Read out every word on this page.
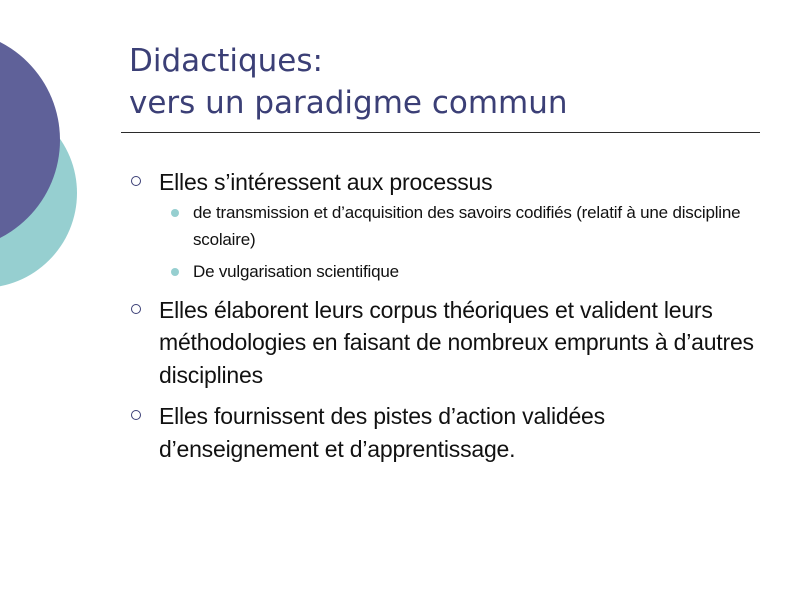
Didactiques:
vers un paradigme commun
Elles s’intéressent aux processus
de transmission et d’acquisition des savoirs codifiés (relatif à une discipline scolaire)
De vulgarisation scientifique
Elles élaborent leurs corpus théoriques et valident leurs méthodologies en faisant de nombreux emprunts à d’autres disciplines
Elles fournissent des pistes d’action validées d’enseignement et d’apprentissage.
